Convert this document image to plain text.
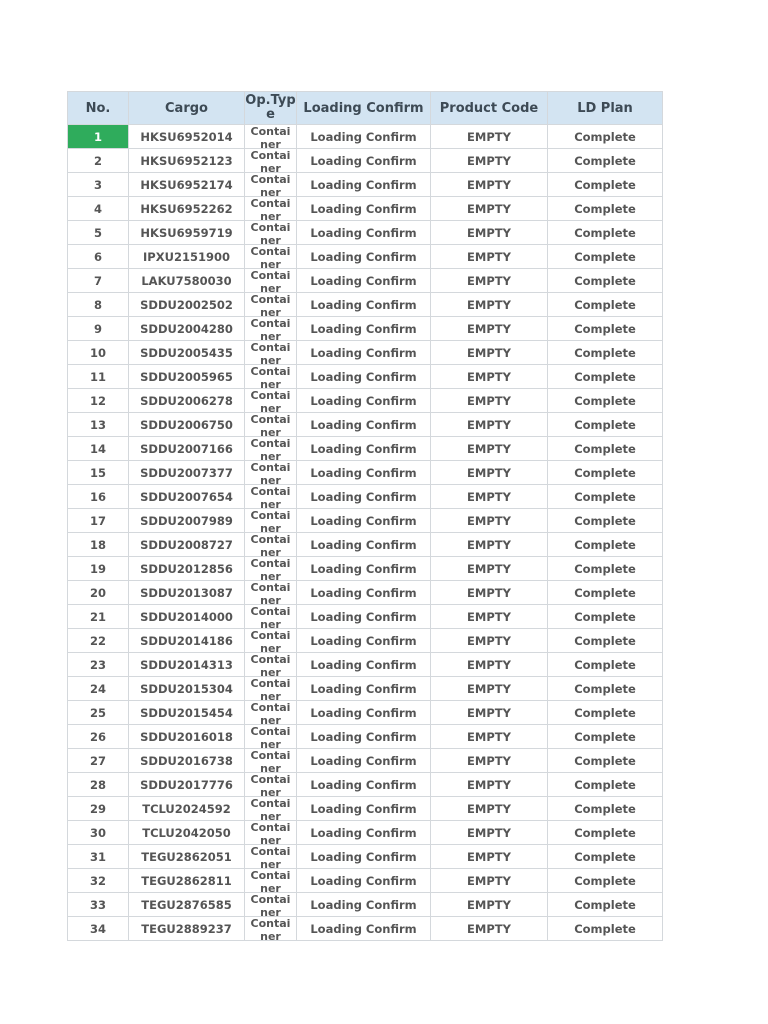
No.	Cargo	Op.Type	Loading Confirm	Product Code	LD Plan
1	HKSU6952014	Container	Loading Confirm	EMPTY	Complete
2	HKSU6952123	Container	Loading Confirm	EMPTY	Complete
3	HKSU6952174	Container	Loading Confirm	EMPTY	Complete
4	HKSU6952262	Container	Loading Confirm	EMPTY	Complete
5	HKSU6959719	Container	Loading Confirm	EMPTY	Complete
6	IPXU2151900	Container	Loading Confirm	EMPTY	Complete
7	LAKU7580030	Container	Loading Confirm	EMPTY	Complete
8	SDDU2002502	Container	Loading Confirm	EMPTY	Complete
9	SDDU2004280	Container	Loading Confirm	EMPTY	Complete
10	SDDU2005435	Container	Loading Confirm	EMPTY	Complete
11	SDDU2005965	Container	Loading Confirm	EMPTY	Complete
12	SDDU2006278	Container	Loading Confirm	EMPTY	Complete
13	SDDU2006750	Container	Loading Confirm	EMPTY	Complete
14	SDDU2007166	Container	Loading Confirm	EMPTY	Complete
15	SDDU2007377	Container	Loading Confirm	EMPTY	Complete
16	SDDU2007654	Container	Loading Confirm	EMPTY	Complete
17	SDDU2007989	Container	Loading Confirm	EMPTY	Complete
18	SDDU2008727	Container	Loading Confirm	EMPTY	Complete
19	SDDU2012856	Container	Loading Confirm	EMPTY	Complete
20	SDDU2013087	Container	Loading Confirm	EMPTY	Complete
21	SDDU2014000	Container	Loading Confirm	EMPTY	Complete
22	SDDU2014186	Container	Loading Confirm	EMPTY	Complete
23	SDDU2014313	Container	Loading Confirm	EMPTY	Complete
24	SDDU2015304	Container	Loading Confirm	EMPTY	Complete
25	SDDU2015454	Container	Loading Confirm	EMPTY	Complete
26	SDDU2016018	Container	Loading Confirm	EMPTY	Complete
27	SDDU2016738	Container	Loading Confirm	EMPTY	Complete
28	SDDU2017776	Container	Loading Confirm	EMPTY	Complete
29	TCLU2024592	Container	Loading Confirm	EMPTY	Complete
30	TCLU2042050	Container	Loading Confirm	EMPTY	Complete
31	TEGU2862051	Container	Loading Confirm	EMPTY	Complete
32	TEGU2862811	Container	Loading Confirm	EMPTY	Complete
33	TEGU2876585	Container	Loading Confirm	EMPTY	Complete
34	TEGU2889237	Container	Loading Confirm	EMPTY	Complete
